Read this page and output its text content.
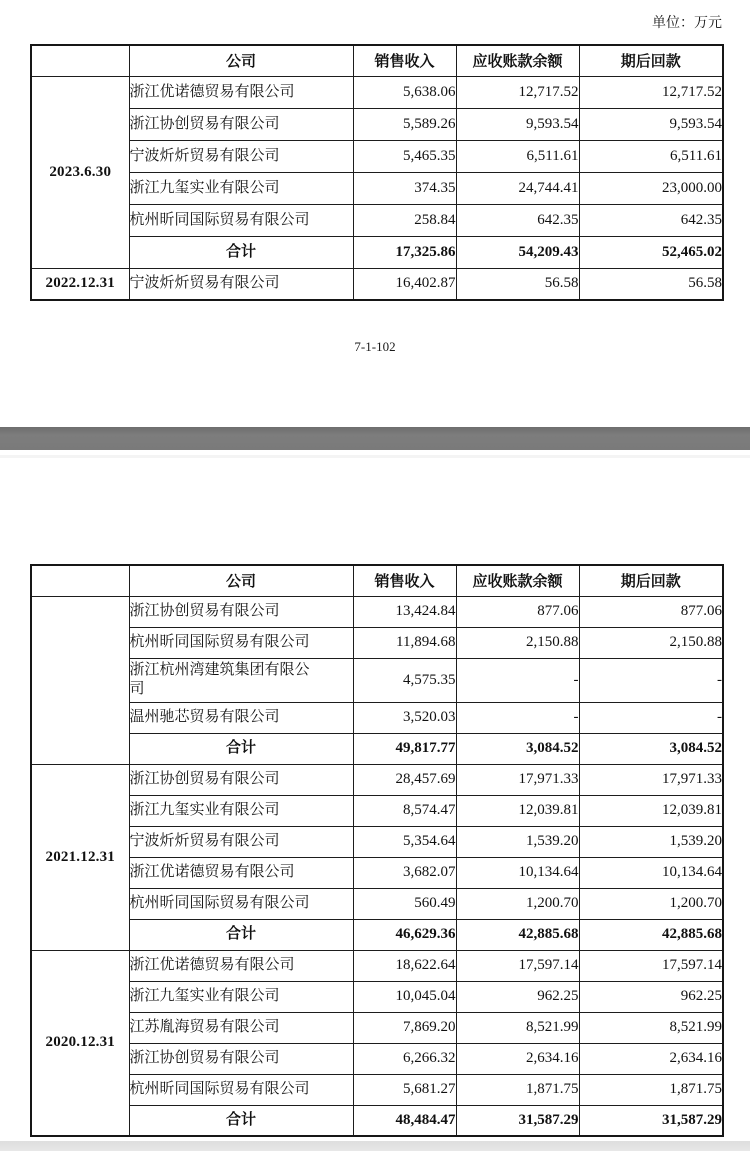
单位：万元
	公司	销售收入	应收账款余额	期后回款
2023.6.30	浙江优诺德贸易有限公司	5,638.06	12,717.52	12,717.52
	浙江协创贸易有限公司	5,589.26	9,593.54	9,593.54
	宁波炘炘贸易有限公司	5,465.35	6,511.61	6,511.61
	浙江九玺实业有限公司	374.35	24,744.41	23,000.00
	杭州昕同国际贸易有限公司	258.84	642.35	642.35
	合计	17,325.86	54,209.43	52,465.02
2022.12.31	宁波炘炘贸易有限公司	16,402.87	56.58	56.58
7-1-102
	公司	销售收入	应收账款余额	期后回款
	浙江协创贸易有限公司	13,424.84	877.06	877.06
	杭州昕同国际贸易有限公司	11,894.68	2,150.88	2,150.88
	浙江杭州湾建筑集团有限公司	4,575.35	-	-
	温州驰芯贸易有限公司	3,520.03	-	-
	合计	49,817.77	3,084.52	3,084.52
2021.12.31	浙江协创贸易有限公司	28,457.69	17,971.33	17,971.33
	浙江九玺实业有限公司	8,574.47	12,039.81	12,039.81
	宁波炘炘贸易有限公司	5,354.64	1,539.20	1,539.20
	浙江优诺德贸易有限公司	3,682.07	10,134.64	10,134.64
	杭州昕同国际贸易有限公司	560.49	1,200.70	1,200.70
	合计	46,629.36	42,885.68	42,885.68
2020.12.31	浙江优诺德贸易有限公司	18,622.64	17,597.14	17,597.14
	浙江九玺实业有限公司	10,045.04	962.25	962.25
	江苏胤海贸易有限公司	7,869.20	8,521.99	8,521.99
	浙江协创贸易有限公司	6,266.32	2,634.16	2,634.16
	杭州昕同国际贸易有限公司	5,681.27	1,871.75	1,871.75
	合计	48,484.47	31,587.29	31,587.29
